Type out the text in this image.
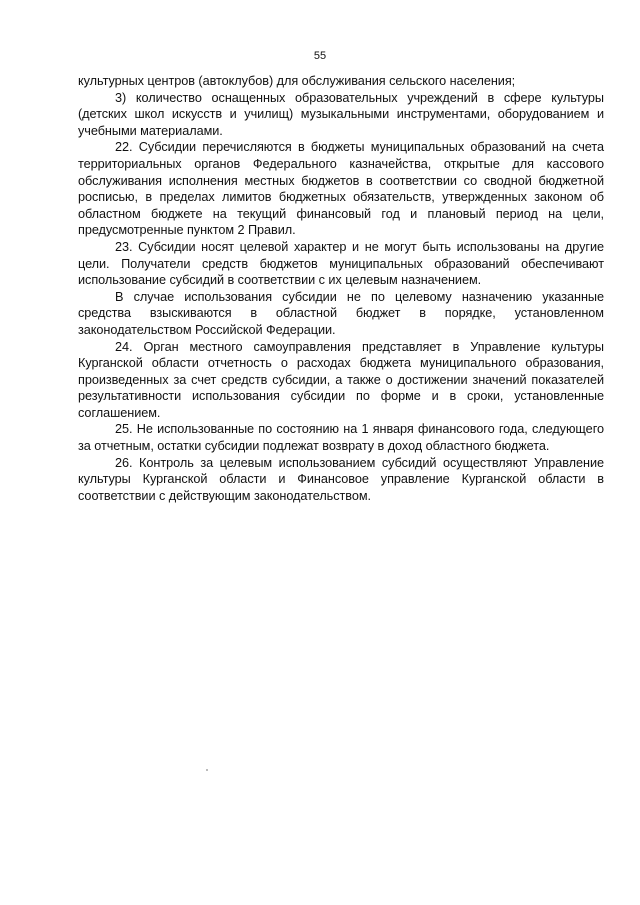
55

культурных центров (автоклубов) для обслуживания сельского населения;

3) количество оснащенных образовательных учреждений в сфере культуры (детских школ искусств и училищ) музыкальными инструментами, оборудованием и учебными материалами.

22. Субсидии перечисляются в бюджеты муниципальных образований на счета территориальных органов Федерального казначейства, открытые для кассового обслуживания исполнения местных бюджетов в соответствии со сводной бюджетной росписью, в пределах лимитов бюджетных обязательств, утвержденных законом об областном бюджете на текущий финансовый год и плановый период на цели, предусмотренные пунктом 2 Правил.

23. Субсидии носят целевой характер и не могут быть использованы на другие цели. Получатели средств бюджетов муниципальных образований обеспечивают использование субсидий в соответствии с их целевым назначением.

В случае использования субсидии не по целевому назначению указанные средства взыскиваются в областной бюджет в порядке, установленном законодательством Российской Федерации.

24. Орган местного самоуправления представляет в Управление культуры Курганской области отчетность о расходах бюджета муниципального образования, произведенных за счет средств субсидии, а также о достижении значений показателей результативности использования субсидии по форме и в сроки, установленные соглашением.

25. Не использованные по состоянию на 1 января финансового года, следующего за отчетным, остатки субсидии подлежат возврату в доход областного бюджета.

26. Контроль за целевым использованием субсидий осуществляют Управление культуры Курганской области и Финансовое управление Курганской области в соответствии с действующим законодательством.
